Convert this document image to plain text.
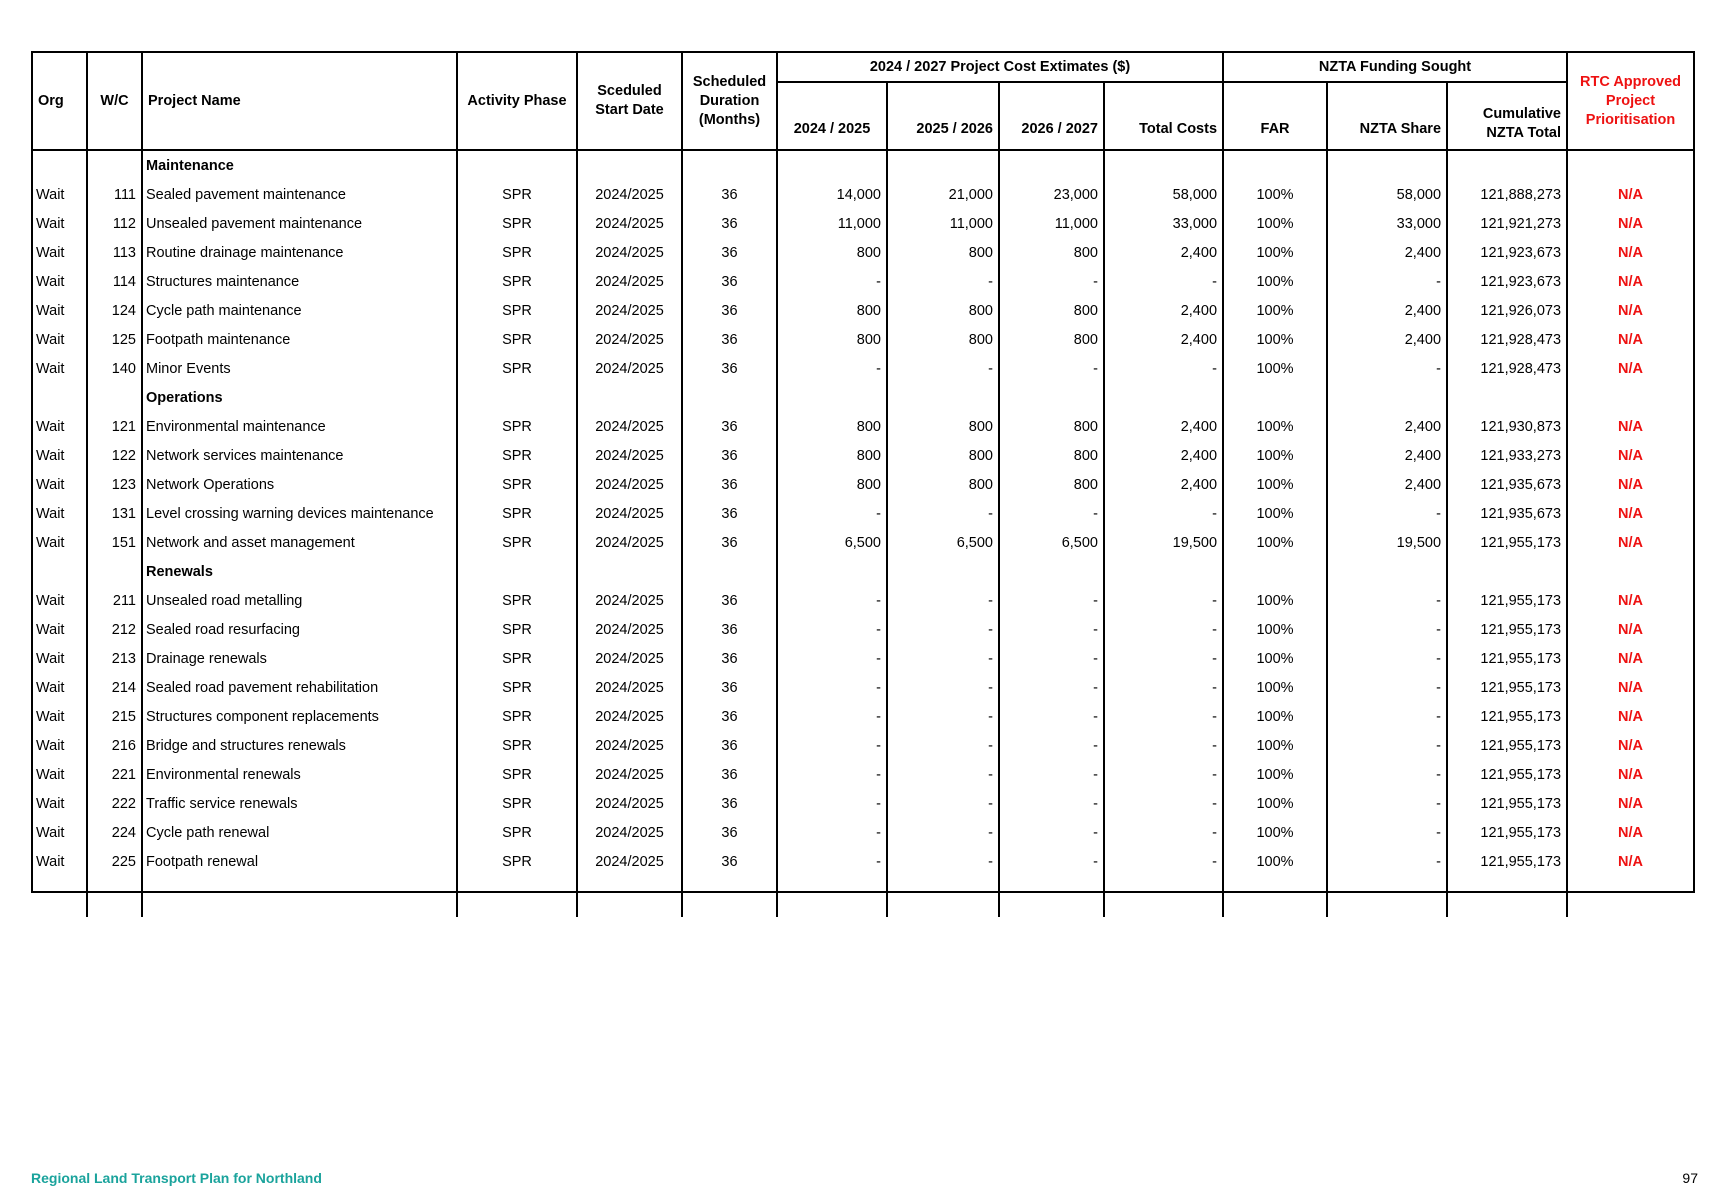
Org	W/C	Project Name	Activity Phase	Sceduled Start Date	Scheduled Duration (Months)	2024 / 2027 Project Cost Extimates ($)				NZTA Funding Sought			RTC Approved Project Prioritisation
						2024 / 2025	2025 / 2026	2026 / 2027	Total Costs	FAR	NZTA Share	Cumulative NZTA Total	
		Maintenance											
Wait	111	Sealed pavement maintenance	SPR	2024/2025	36	14,000	21,000	23,000	58,000	100%	58,000	121,888,273	N/A
Wait	112	Unsealed pavement maintenance	SPR	2024/2025	36	11,000	11,000	11,000	33,000	100%	33,000	121,921,273	N/A
Wait	113	Routine drainage maintenance	SPR	2024/2025	36	800	800	800	2,400	100%	2,400	121,923,673	N/A
Wait	114	Structures maintenance	SPR	2024/2025	36	-	-	-	-	100%	-	121,923,673	N/A
Wait	124	Cycle path maintenance	SPR	2024/2025	36	800	800	800	2,400	100%	2,400	121,926,073	N/A
Wait	125	Footpath maintenance	SPR	2024/2025	36	800	800	800	2,400	100%	2,400	121,928,473	N/A
Wait	140	Minor Events	SPR	2024/2025	36	-	-	-	-	100%	-	121,928,473	N/A
		Operations											
Wait	121	Environmental maintenance	SPR	2024/2025	36	800	800	800	2,400	100%	2,400	121,930,873	N/A
Wait	122	Network services maintenance	SPR	2024/2025	36	800	800	800	2,400	100%	2,400	121,933,273	N/A
Wait	123	Network Operations	SPR	2024/2025	36	800	800	800	2,400	100%	2,400	121,935,673	N/A
Wait	131	Level crossing warning devices maintenance	SPR	2024/2025	36	-	-	-	-	100%	-	121,935,673	N/A
Wait	151	Network and asset management	SPR	2024/2025	36	6,500	6,500	6,500	19,500	100%	19,500	121,955,173	N/A
		Renewals											
Wait	211	Unsealed road metalling	SPR	2024/2025	36	-	-	-	-	100%	-	121,955,173	N/A
Wait	212	Sealed road resurfacing	SPR	2024/2025	36	-	-	-	-	100%	-	121,955,173	N/A
Wait	213	Drainage renewals	SPR	2024/2025	36	-	-	-	-	100%	-	121,955,173	N/A
Wait	214	Sealed road pavement rehabilitation	SPR	2024/2025	36	-	-	-	-	100%	-	121,955,173	N/A
Wait	215	Structures component replacements	SPR	2024/2025	36	-	-	-	-	100%	-	121,955,173	N/A
Wait	216	Bridge and structures renewals	SPR	2024/2025	36	-	-	-	-	100%	-	121,955,173	N/A
Wait	221	Environmental renewals	SPR	2024/2025	36	-	-	-	-	100%	-	121,955,173	N/A
Wait	222	Traffic service renewals	SPR	2024/2025	36	-	-	-	-	100%	-	121,955,173	N/A
Wait	224	Cycle path renewal	SPR	2024/2025	36	-	-	-	-	100%	-	121,955,173	N/A
Wait	225	Footpath renewal	SPR	2024/2025	36	-	-	-	-	100%	-	121,955,173	N/A

Regional Land Transport Plan for Northland	97
